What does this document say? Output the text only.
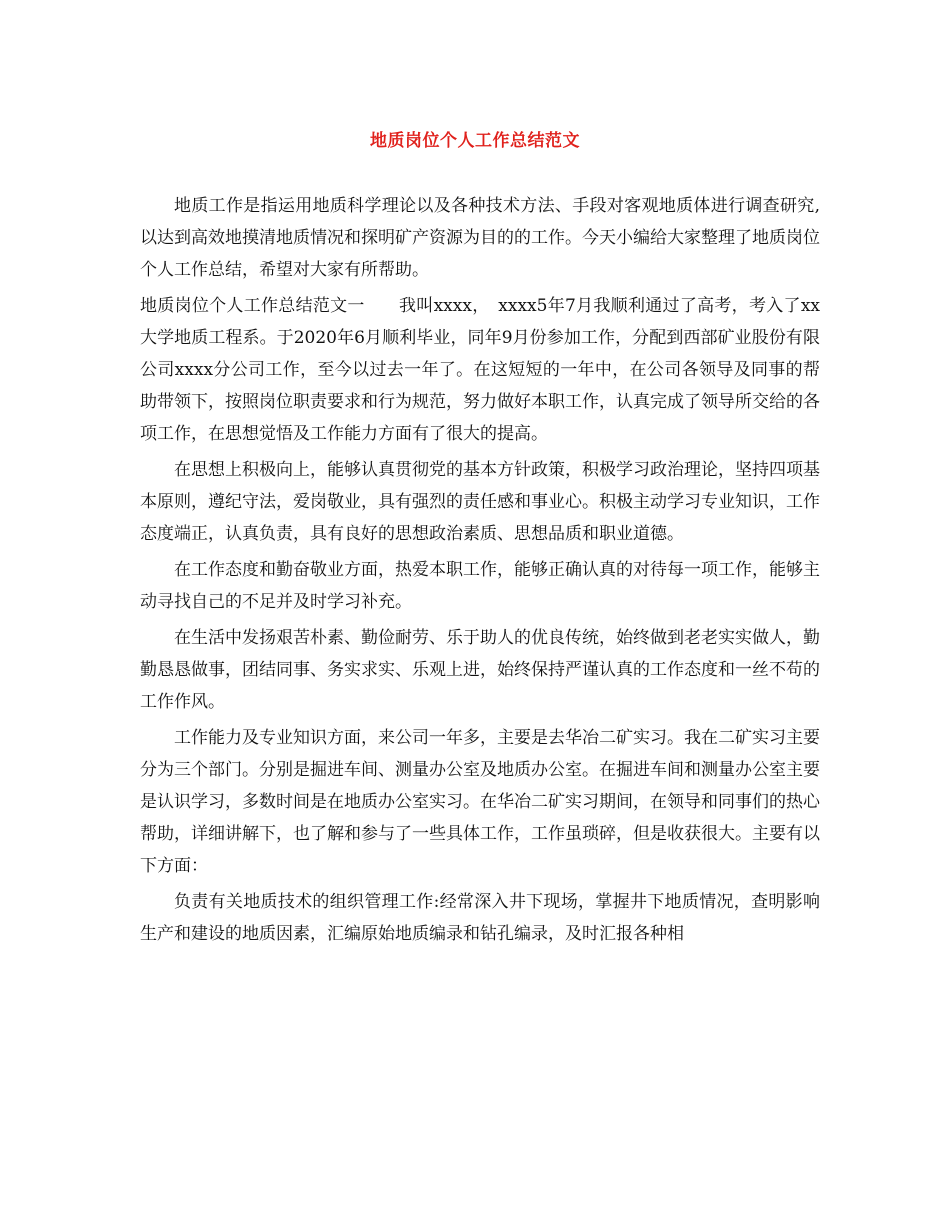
地质岗位个人工作总结范文

地质工作是指运用地质科学理论以及各种技术方法、手段对客观地质体进行调查研究,以达到高效地摸清地质情况和探明矿产资源为目的的工作。今天小编给大家整理了地质岗位个人工作总结，希望对大家有所帮助。

地质岗位个人工作总结范文一 我叫xxxx，　xxxx5年7月我顺利通过了高考，考入了xx大学地质工程系。于2020年6月顺利毕业，同年9月份参加工作，分配到西部矿业股份有限公司xxxx分公司工作，至今以过去一年了。在这短短的一年中，在公司各领导及同事的帮助带领下，按照岗位职责要求和行为规范，努力做好本职工作，认真完成了领导所交给的各项工作，在思想觉悟及工作能力方面有了很大的提高。

在思想上积极向上，能够认真贯彻党的基本方针政策，积极学习政治理论，坚持四项基本原则，遵纪守法，爱岗敬业，具有强烈的责任感和事业心。积极主动学习专业知识，工作态度端正，认真负责，具有良好的思想政治素质、思想品质和职业道德。

在工作态度和勤奋敬业方面，热爱本职工作，能够正确认真的对待每一项工作，能够主动寻找自己的不足并及时学习补充。

在生活中发扬艰苦朴素、勤俭耐劳、乐于助人的优良传统，始终做到老老实实做人，勤勤恳恳做事，团结同事、务实求实、乐观上进，始终保持严谨认真的工作态度和一丝不苟的工作作风。

工作能力及专业知识方面，来公司一年多，主要是去华冶二矿实习。我在二矿实习主要分为三个部门。分别是掘进车间、测量办公室及地质办公室。在掘进车间和测量办公室主要是认识学习，多数时间是在地质办公室实习。在华冶二矿实习期间，在领导和同事们的热心帮助，详细讲解下，也了解和参与了一些具体工作，工作虽琐碎，但是收获很大。主要有以下方面：

负责有关地质技术的组织管理工作:经常深入井下现场，掌握井下地质情况，查明影响生产和建设的地质因素，汇编原始地质编录和钻孔编录，及时汇报各种相
